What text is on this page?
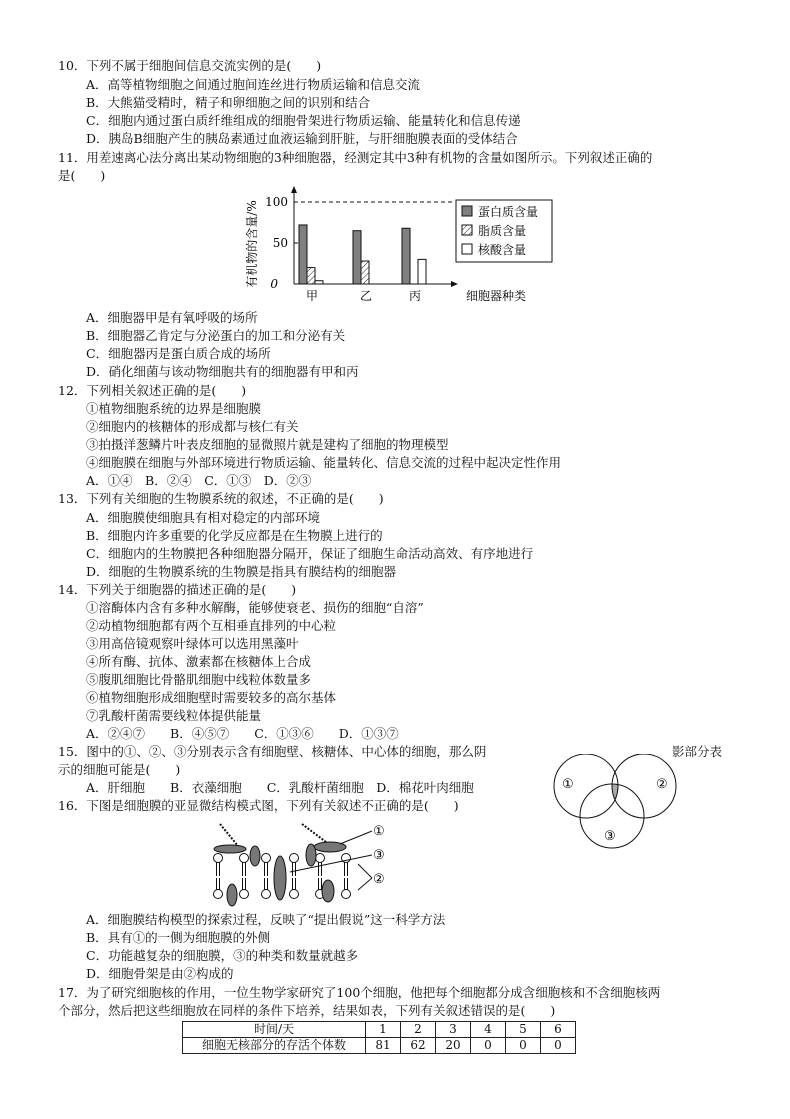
10．下列不属于细胞间信息交流实例的是(　　)
A．高等植物细胞之间通过胞间连丝进行物质运输和信息交流
B．大熊猫受精时，精子和卵细胞之间的识别和结合
C．细胞内通过蛋白质纤维组成的细胞骨架进行物质运输、能量转化和信息传递
D．胰岛B细胞产生的胰岛素通过血液运输到肝脏，与肝细胞膜表面的受体结合
11．用差速离心法分离出某动物细胞的3种细胞器，经测定其中3种有机物的含量如图所示。下列叙述正确的
是(　　)
有机物的含量/% 100
50
0
甲	乙	丙	细胞器种类
蛋白质含量
脂质含量
核酸含量
A．细胞器甲是有氧呼吸的场所
B．细胞器乙肯定与分泌蛋白的加工和分泌有关
C．细胞器丙是蛋白质合成的场所
D．硝化细菌与该动物细胞共有的细胞器有甲和丙
12．下列相关叙述正确的是(　　)
①植物细胞系统的边界是细胞膜
②细胞内的核糖体的形成都与核仁有关
③拍摄洋葱鳞片叶表皮细胞的显微照片就是建构了细胞的物理模型
④细胞膜在细胞与外部环境进行物质运输、能量转化、信息交流的过程中起决定性作用
A．①④　B．②④　C．①③　D．②③
13．下列有关细胞的生物膜系统的叙述，不正确的是(　　)
A．细胞膜使细胞具有相对稳定的内部环境
B．细胞内许多重要的化学反应都是在生物膜上进行的
C．细胞内的生物膜把各种细胞器分隔开，保证了细胞生命活动高效、有序地进行
D．细胞的生物膜系统的生物膜是指具有膜结构的细胞器
14．下列关于细胞器的描述正确的是(　　)
①溶酶体内含有多种水解酶，能够使衰老、损伤的细胞“自溶”
②动植物细胞都有两个互相垂直排列的中心粒
③用高倍镜观察叶绿体可以选用黑藻叶
④所有酶、抗体、激素都在核糖体上合成
⑤腹肌细胞比骨骼肌细胞中线粒体数量多
⑥植物细胞形成细胞壁时需要较多的高尔基体
⑦乳酸杆菌需要线粒体提供能量
A．②④⑦　　B．④⑤⑦　　C．①③⑥　　D．①③⑦
15．图中的①、②、③分别表示含有细胞壁、核糖体、中心体的细胞，那么阴	影部分表
示的细胞可能是(　　)
A．肝细胞　　B．衣藻细胞　　C．乳酸杆菌细胞　D．棉花叶肉细胞	①	②
③
16．下图是细胞膜的亚显微结构模式图，下列有关叙述不正确的是(　　)
①
③
②
A．细胞膜结构模型的探索过程，反映了“提出假说”这一科学方法
B．具有①的一侧为细胞膜的外侧
C．功能越复杂的细胞膜，③的种类和数量就越多
D．细胞骨架是由②构成的
17．为了研究细胞核的作用，一位生物学家研究了100个细胞，他把每个细胞都分成含细胞核和不含细胞核两
个部分，然后把这些细胞放在同样的条件下培养，结果如表，下列有关叙述错误的是(　　)
时间/天	1	2	3	4	5	6
细胞无核部分的存活个体数	81	62	20	0	0	0
